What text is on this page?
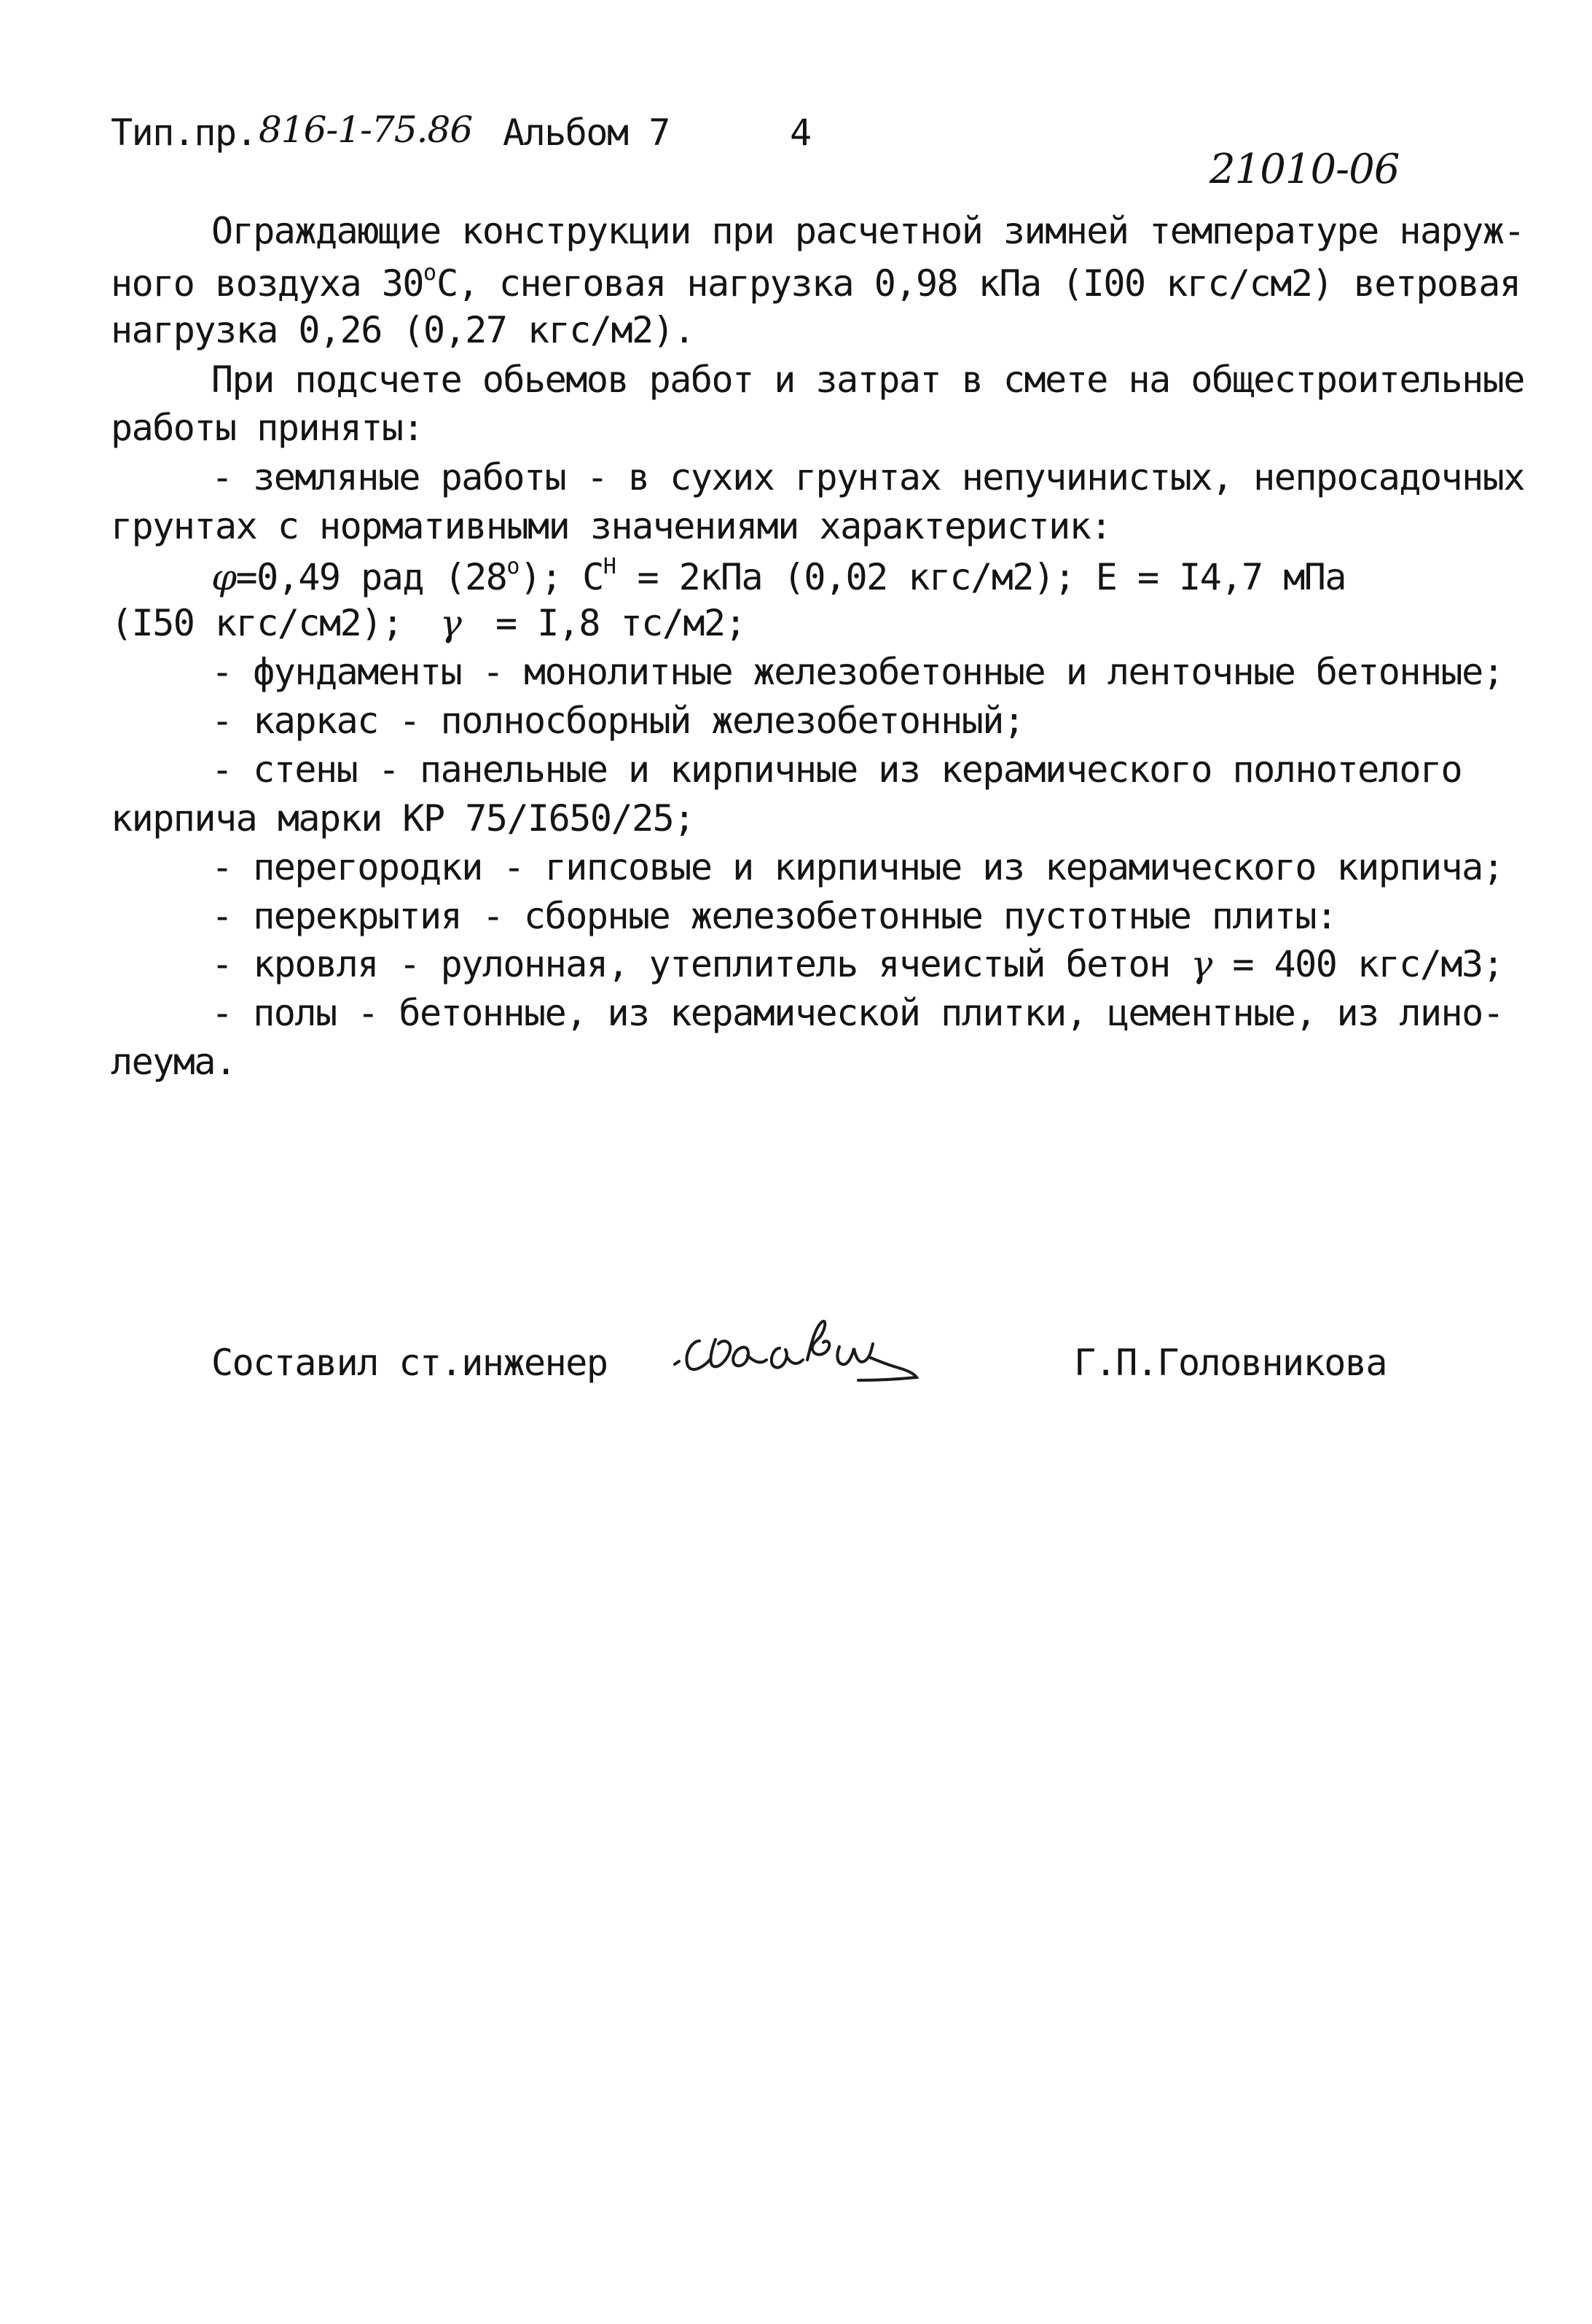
Тип.пр. 816-1-75.86 Альбом 7	4
21010-06
Ограждающие конструкции при расчетной зимней температуре наруж-
ного воздуха $30^оС$, снеговая нагрузка 0,98 кПа (I00 кгс/см2) ветровая
нагрузка 0,26 (0,27 кгс/м2).
При подсчете обьемов работ и затрат в смете на общестроительные
работы приняты:
- земляные работы - в сухих грунтах непучинистых, непросадочных
грунтах с нормативными значениями характеристик:
φ=0,49 рад $(28^о)$; $С^Н = 2кПа$ (0,02 кгс/м2); Е = I4,7 мПа
(I50 кгс/см2); γ = I,8 тс/м2;
- фундаменты - монолитные железобетонные и ленточные бетонные;
- каркас - полносборный железобетонный;
- стены - панельные и кирпичные из керамического полнотелого
кирпича марки КР 75/I650/25;
- перегородки - гипсовые и кирпичные из керамического кирпича;
- перекрытия - сборные железобетонные пустотные плиты:
- кровля - рулонная, утеплитель ячеистый бетон γ = 400 кгс/м3;
- полы - бетонные, из керамической плитки, цементные, из лино-
леума.
Составил ст.инженер	Г.П.Головникова
